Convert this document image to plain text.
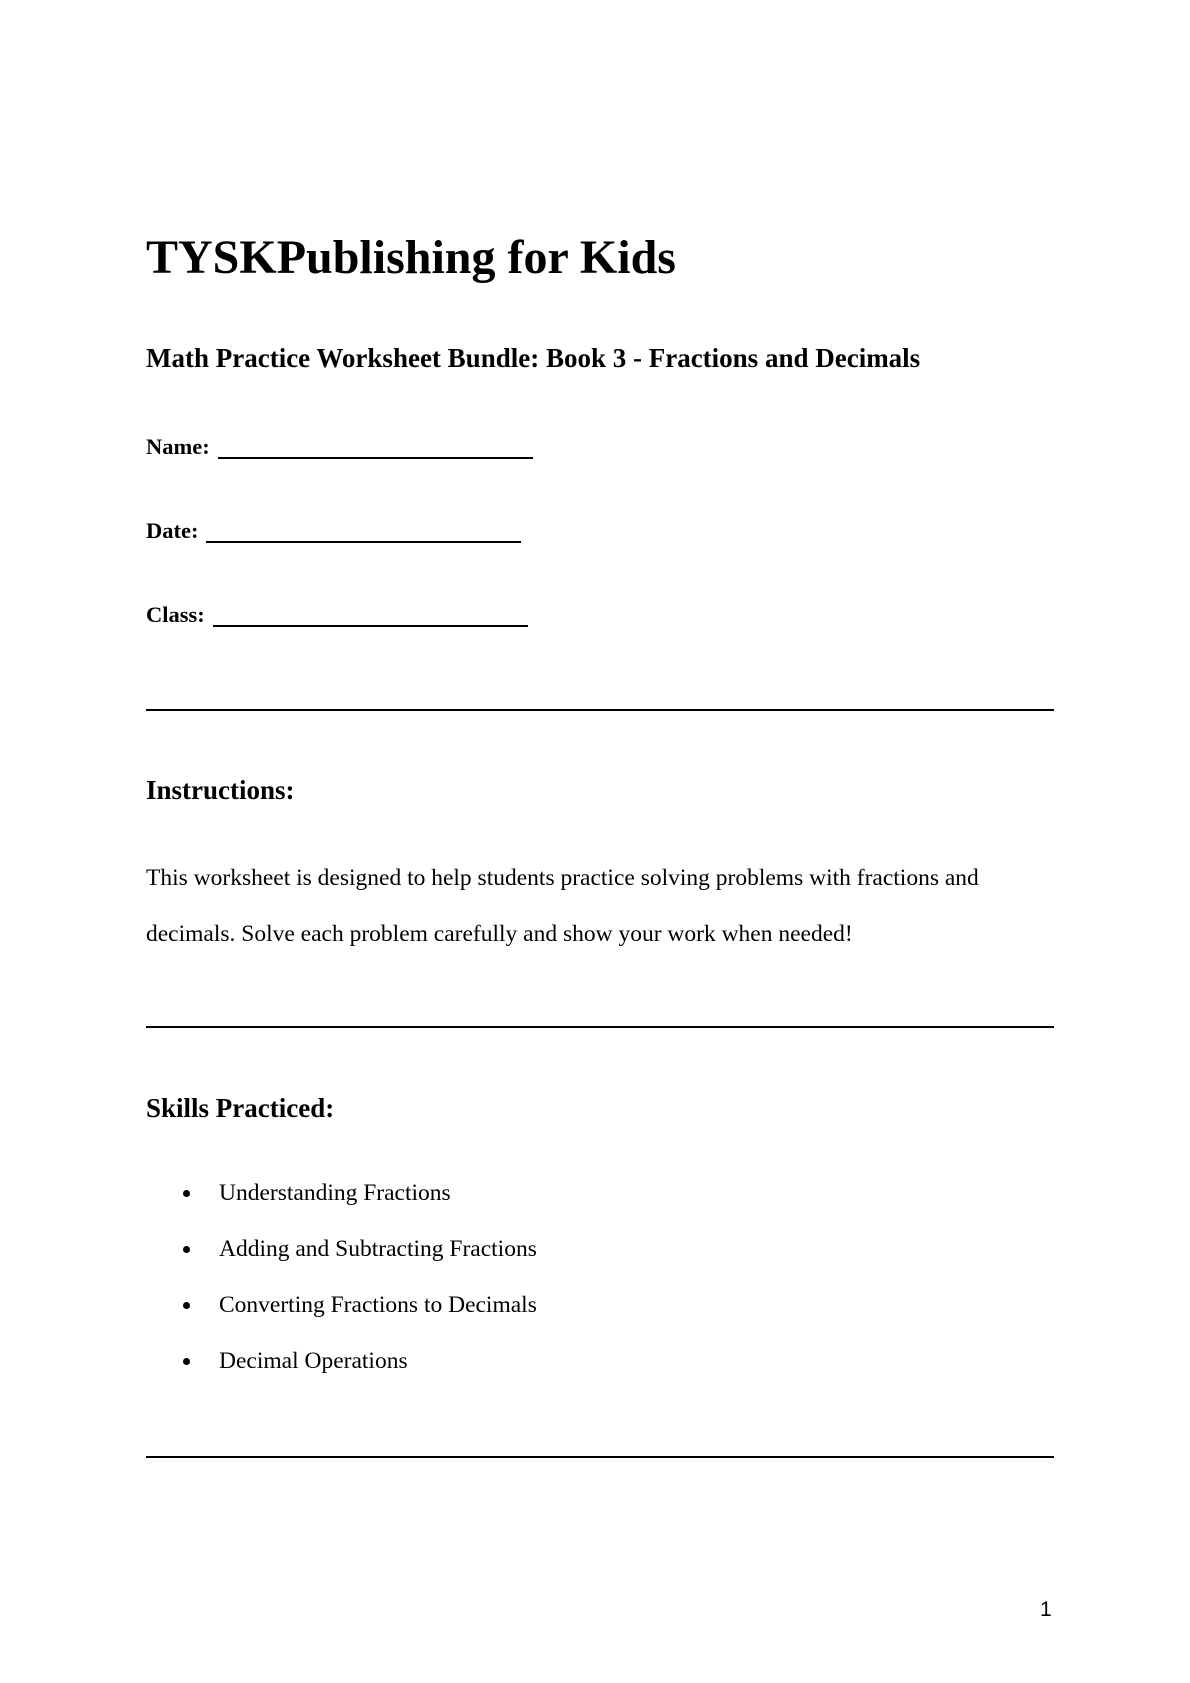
TYSKPublishing for Kids
Math Practice Worksheet Bundle: Book 3 - Fractions and Decimals
Name:
Date:
Class:
Instructions:

This worksheet is designed to help students practice solving problems with fractions and

decimals. Solve each problem carefully and show your work when needed!

Skills Practiced:
Understanding Fractions
Adding and Subtracting Fractions
Converting Fractions to Decimals
Decimal Operations
1
